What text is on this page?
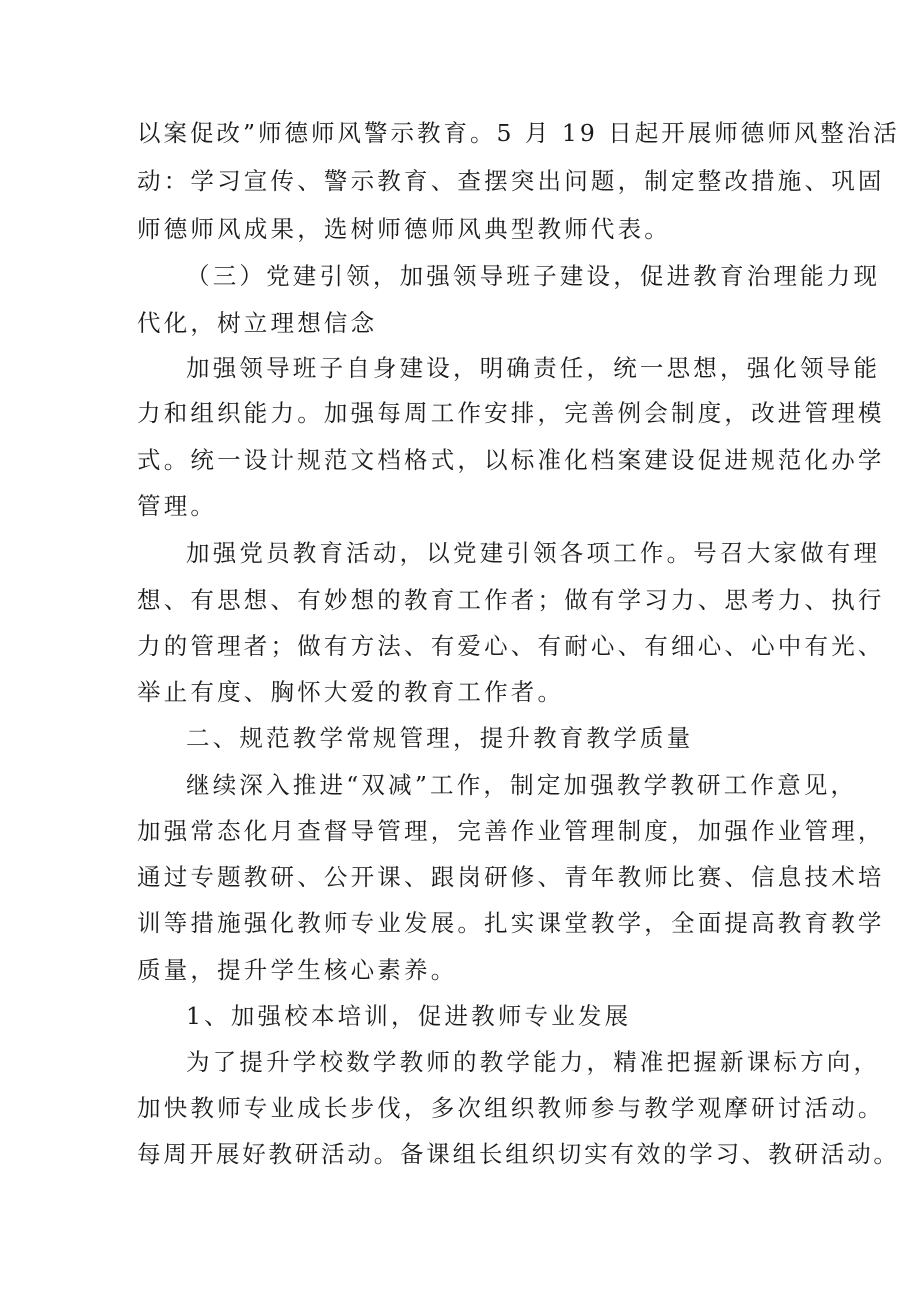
以案促改”师德师风警示教育。5 月 19 日起开展师德师风整治活
动：学习宣传、警示教育、查摆突出问题，制定整改措施、巩固
师德师风成果，选树师德师风典型教师代表。
（三）党建引领，加强领导班子建设，促进教育治理能力现
代化，树立理想信念
加强领导班子自身建设，明确责任，统一思想，强化领导能
力和组织能力。加强每周工作安排，完善例会制度，改进管理模
式。统一设计规范文档格式，以标准化档案建设促进规范化办学
管理。
加强党员教育活动，以党建引领各项工作。号召大家做有理
想、有思想、有妙想的教育工作者；做有学习力、思考力、执行
力的管理者；做有方法、有爱心、有耐心、有细心、心中有光、
举止有度、胸怀大爱的教育工作者。
二、规范教学常规管理，提升教育教学质量
继续深入推进“双减”工作，制定加强教学教研工作意见，
加强常态化月查督导管理，完善作业管理制度，加强作业管理，
通过专题教研、公开课、跟岗研修、青年教师比赛、信息技术培
训等措施强化教师专业发展。扎实课堂教学，全面提高教育教学
质量，提升学生核心素养。
1、加强校本培训，促进教师专业发展
为了提升学校数学教师的教学能力，精准把握新课标方向，
加快教师专业成长步伐，多次组织教师参与教学观摩研讨活动。
每周开展好教研活动。备课组长组织切实有效的学习、教研活动。
